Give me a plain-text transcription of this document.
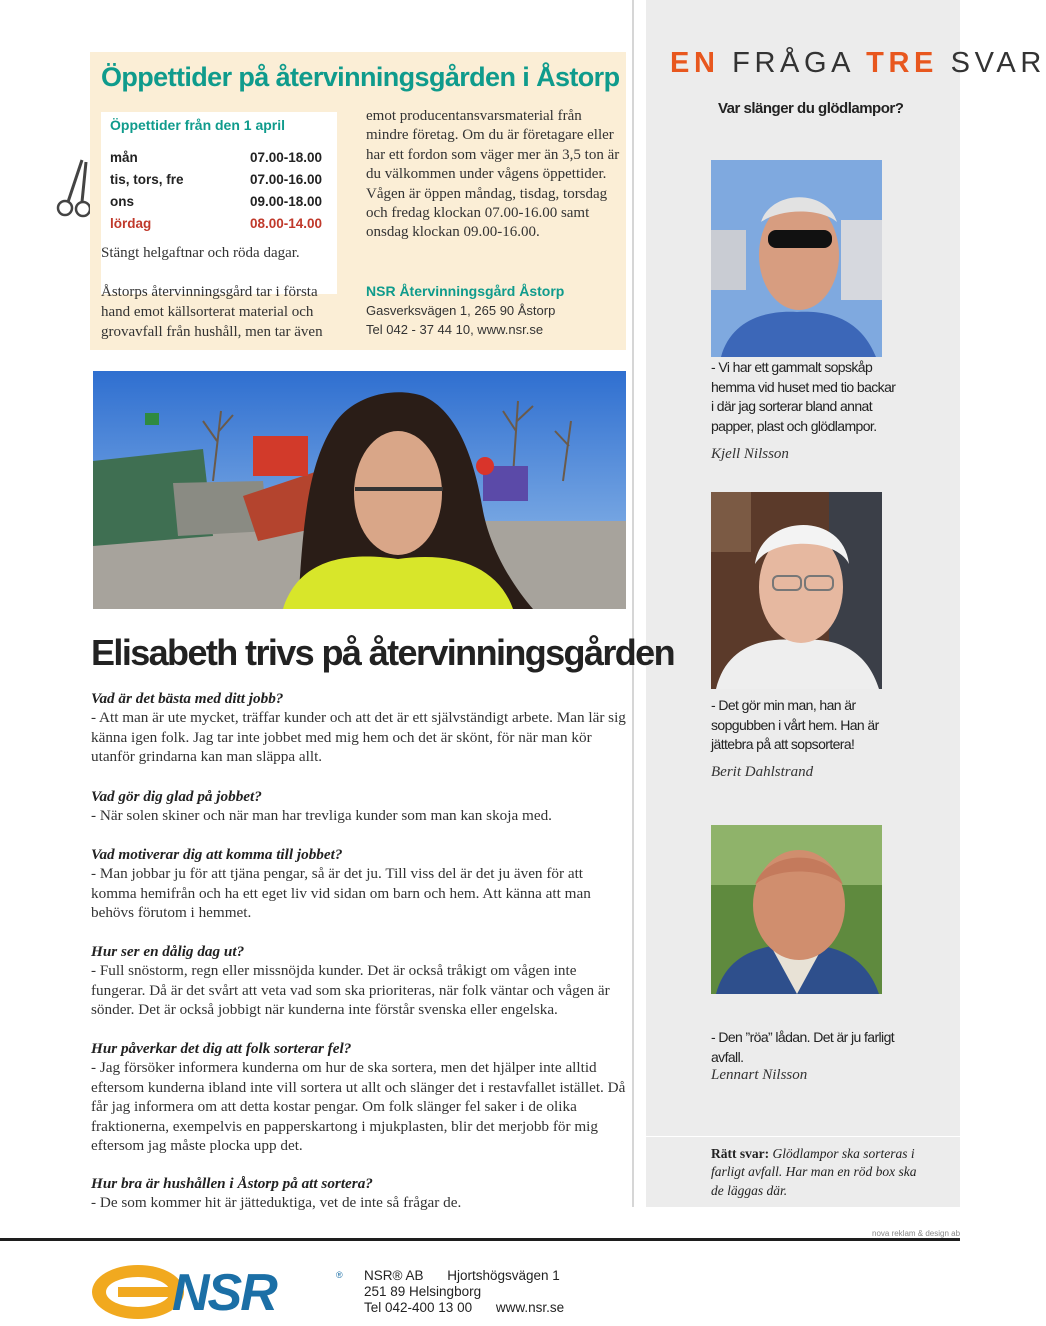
Öppettider på återvinningsgården i Åstorp
Öppettider från den 1 april
mån	07.00-18.00
tis, tors, fre	07.00-16.00
ons	09.00-18.00
lördag	08.00-14.00
Stängt helgaftnar och röda dagar.
Åstorps återvinningsgård tar i första hand emot källsorterat material och grovavfall från hushåll, men tar även
emot producentansvarsmaterial från mindre företag. Om du är företagare eller har ett fordon som väger mer än 3,5 ton är du välkommen under vågens öppettider. Vågen är öppen måndag, tisdag, torsdag och fredag klockan 07.00-16.00 samt onsdag klockan 09.00-16.00.
NSR Återvinningsgård Åstorp
Gasverksvägen 1, 265 90 Åstorp
Tel 042 - 37 44 10, www.nsr.se
Elisabeth trivs på återvinningsgården
Vad är det bästa med ditt jobb?
- Att man är ute mycket, träffar kunder och att det är ett självständigt arbete. Man lär sig känna igen folk. Jag tar inte jobbet med mig hem och det är skönt, för när man kör utanför grindarna kan man släppa allt.
Vad gör dig glad på jobbet?
- När solen skiner och när man har trevliga kunder som man kan skoja med.
Vad motiverar dig att komma till jobbet?
- Man jobbar ju för att tjäna pengar, så är det ju. Till viss del är det ju även för att komma hemifrån och ha ett eget liv vid sidan om barn och hem. Att känna att man behövs förutom i hemmet.
Hur ser en dålig dag ut?
- Full snöstorm, regn eller missnöjda kunder. Det är också tråkigt om vågen inte fungerar. Då är det svårt att veta vad som ska prioriteras, när folk väntar och vågen är sönder. Det är också jobbigt när kunderna inte förstår svenska eller engelska.
Hur påverkar det dig att folk sorterar fel?
- Jag försöker informera kunderna om hur de ska sortera, men det hjälper inte alltid eftersom kunderna ibland inte vill sortera ut allt och slänger det i restavfallet istället. Då får jag informera om att detta kostar pengar. Om folk slänger fel saker i de olika fraktionerna, exempelvis en papperskartong i mjukplasten, blir det merjobb för mig eftersom jag måste plocka upp det.
Hur bra är hushållen i Åstorp på att sortera?
- De som kommer hit är jätteduktiga, vet de inte så frågar de.
EN FRÅGA TRE SVAR
Var slänger du glödlampor?
- Vi har ett gammalt sopskåp hemma vid huset med tio backar i där jag sorterar bland annat papper, plast och glödlampor.
Kjell Nilsson
- Det gör min man, han är sopgubben i vårt hem. Han är jättebra på att sopsortera!
Berit Dahlstrand
- Den ”röa” lådan. Det är ju farligt avfall.
Lennart Nilsson
Rätt svar: Glödlampor ska sorteras i farligt avfall. Har man en röd box ska de läggas där.
nova reklam & design ab
NSR	® NSR® AB Hjortshögsvägen 1
251 89 Helsingborg
Tel 042-400 13 00 www.nsr.se
